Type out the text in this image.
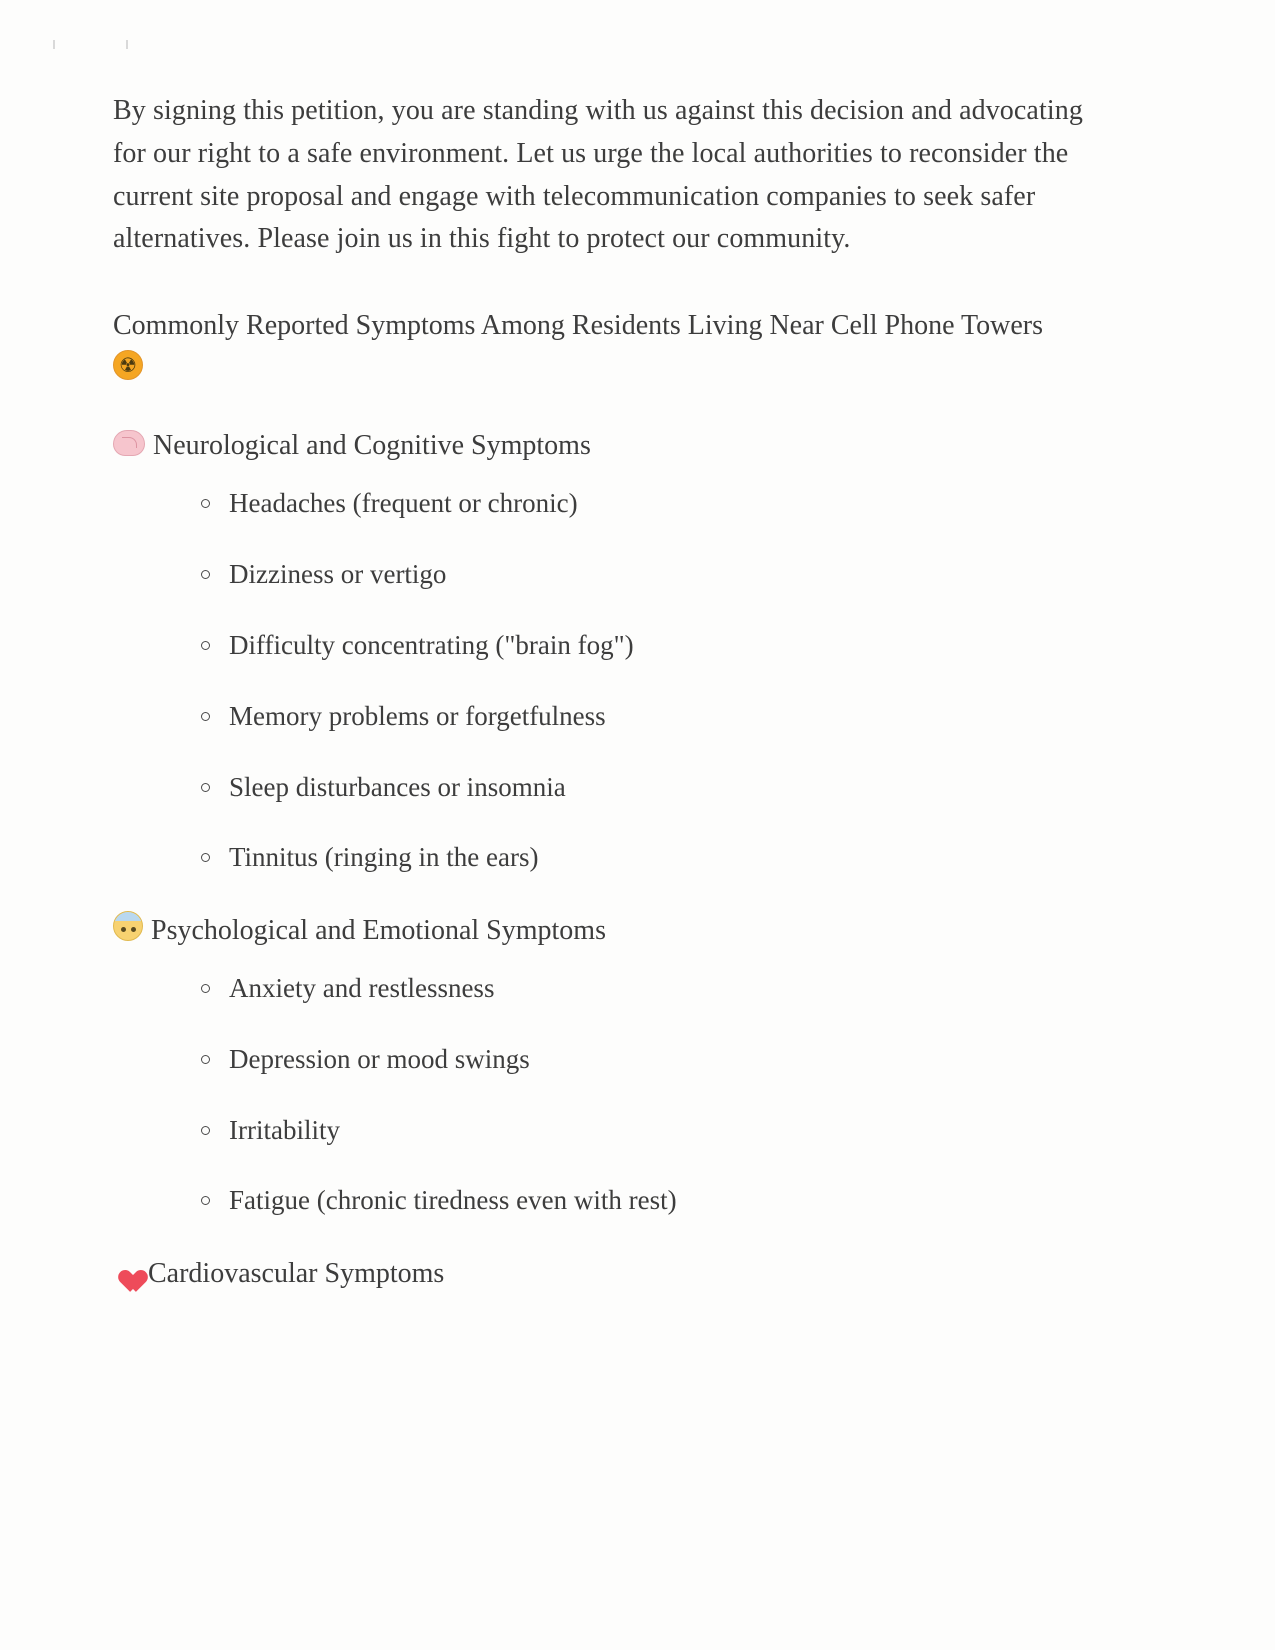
By signing this petition, you are standing with us against this decision and advocating for our right to a safe environment. Let us urge the local authorities to reconsider the current site proposal and engage with telecommunication companies to seek safer alternatives. Please join us in this fight to protect our community.

Commonly Reported Symptoms Among Residents Living Near Cell Phone Towers
☢
Neurological and Cognitive Symptoms
Headaches (frequent or chronic)
Dizziness or vertigo
Difficulty concentrating ("brain fog")
Memory problems or forgetfulness
Sleep disturbances or insomnia
Tinnitus (ringing in the ears)
Psychological and Emotional Symptoms
Anxiety and restlessness
Depression or mood swings
Irritability
Fatigue (chronic tiredness even with rest)
Cardiovascular Symptoms
